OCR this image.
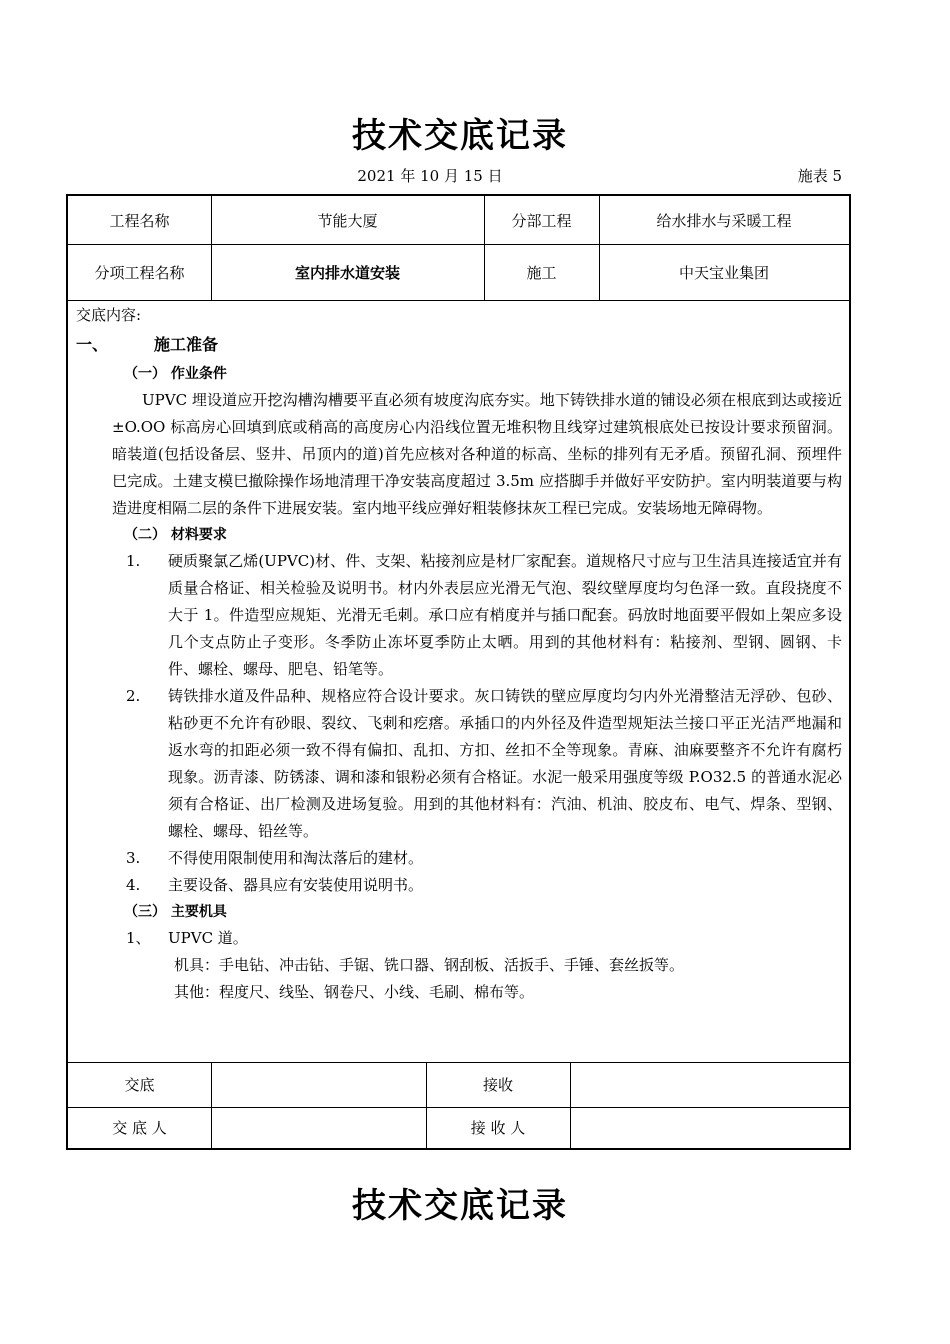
技术交底记录
2021 年 10 月 15 日	施表 5
工程名称	节能大厦	分部工程	给水排水与采暖工程
分项工程名称	室内排水道安装	施工	中天宝业集团
交底内容:
一、	施工准备
（一） 作业条件

UPVC 埋设道应开挖沟槽沟槽要平直必须有坡度沟底夯实。地下铸铁排水道的铺设必须在根底到达或接近±O.OO 标高房心回填到底或稍高的高度房心内沿线位置无堆积物且线穿过建筑根底处已按设计要求预留洞。暗装道(包括设备层、竖井、吊顶内的道)首先应核对各种道的标高、坐标的排列有无矛盾。预留孔洞、预埋件巳完成。土建支模巳撤除操作场地清理干净安装高度超过 3.5m 应搭脚手并做好平安防护。室内明装道要与构造进度相隔二层的条件下进展安装。室内地平线应弹好粗装修抹灰工程已完成。安装场地无障碍物。

（二） 材料要求
1. 硬质聚氯乙烯(UPVC)材、件、支架、粘接剂应是材厂家配套。道规格尺寸应与卫生洁具连接适宜并有质量合格证、相关检验及说明书。材内外表层应光滑无气泡、裂纹壁厚度均匀色泽一致。直段挠度不大于 1。件造型应规矩、光滑无毛刺。承口应有梢度并与插口配套。码放时地面要平假如上架应多设几个支点防止子变形。冬季防止冻坏夏季防止太晒。用到的其他材料有：粘接剂、型钢、圆钢、卡件、螺栓、螺母、肥皂、铅笔等。
2. 铸铁排水道及件品种、规格应符合设计要求。灰口铸铁的壁应厚度均匀内外光滑整洁无浮砂、包砂、粘砂更不允许有砂眼、裂纹、飞刺和疙瘩。承插口的内外径及件造型规矩法兰接口平正光洁严地漏和返水弯的扣距必须一致不得有偏扣、乱扣、方扣、丝扣不全等现象。青麻、油麻要整齐不允许有腐朽现象。沥青漆、防锈漆、调和漆和银粉必须有合格证。水泥一般采用强度等级 P.O32.5 的普通水泥必须有合格证、出厂检测及进场复验。用到的其他材料有：汽油、机油、胶皮布、电气、焊条、型钢、螺栓、螺母、铅丝等。
3. 不得使用限制使用和淘汰落后的建材。
4. 主要设备、器具应有安装使用说明书。
（三） 主要机具
1、 UPVC 道。
机具：手电钻、冲击钻、手锯、铣口器、钢刮板、活扳手、手锤、套丝扳等。
其他：程度尺、线坠、钢卷尺、小线、毛刷、棉布等。
交底	接收
交 底 人	接 收 人
技术交底记录
